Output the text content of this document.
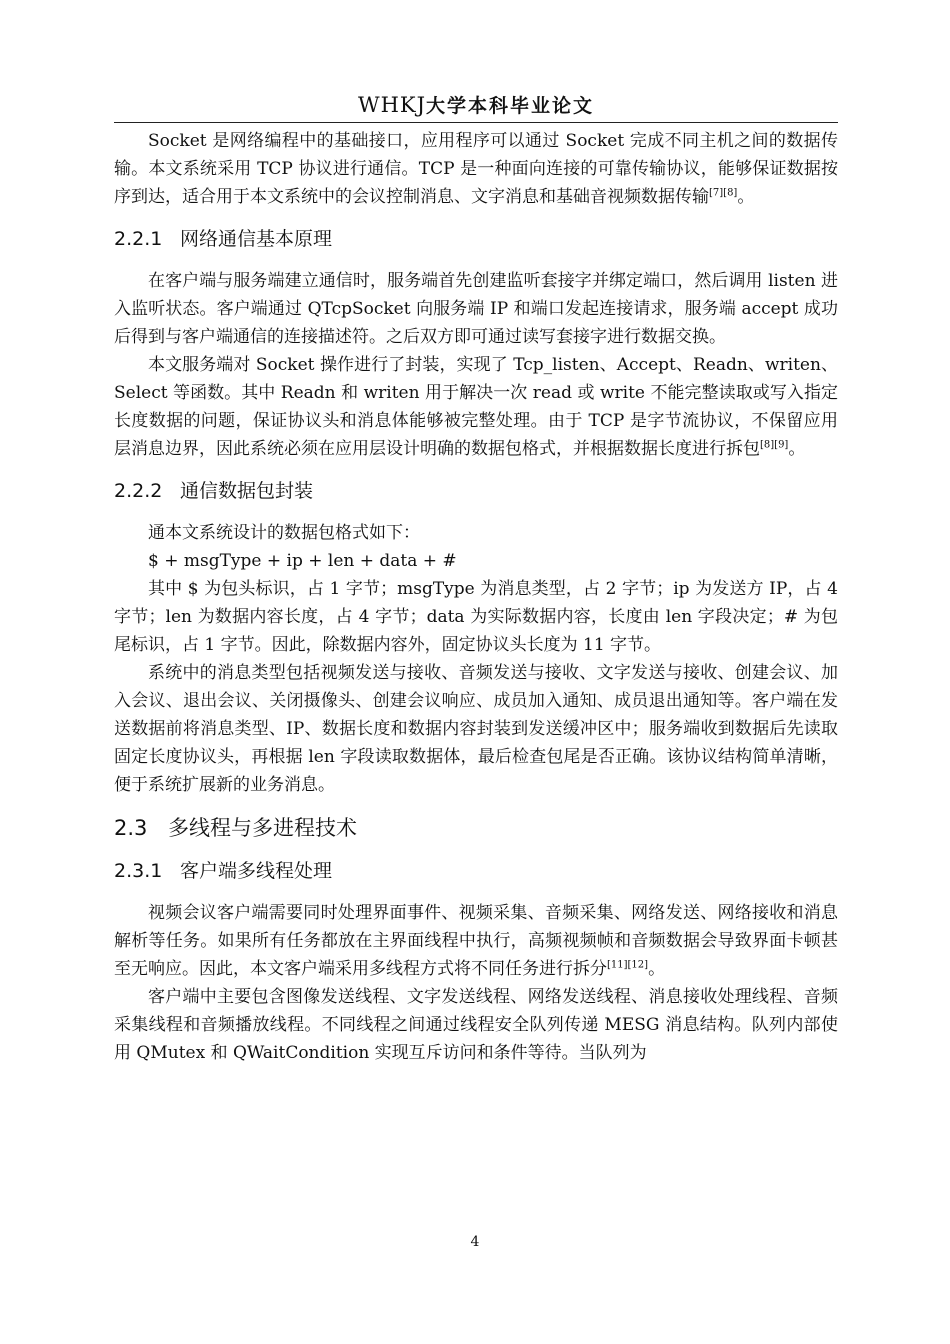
WHKJ大学本科毕业论文

Socket 是网络编程中的基础接口，应用程序可以通过 Socket 完成不同主机之间的数据传输。本文系统采用 TCP 协议进行通信。TCP 是一种面向连接的可靠传输协议，能够保证数据按序到达，适合用于本文系统中的会议控制消息、文字消息和基础音视频数据传输[7][8]。

2.2.1 网络通信基本原理

在客户端与服务端建立通信时，服务端首先创建监听套接字并绑定端口，然后调用 listen 进入监听状态。客户端通过 QTcpSocket 向服务端 IP 和端口发起连接请求，服务端 accept 成功后得到与客户端通信的连接描述符。之后双方即可通过读写套接字进行数据交换。

本文服务端对 Socket 操作进行了封装，实现了 Tcp_listen、Accept、Readn、writen、Select 等函数。其中 Readn 和 writen 用于解决一次 read 或 write 不能完整读取或写入指定长度数据的问题，保证协议头和消息体能够被完整处理。由于 TCP 是字节流协议，不保留应用层消息边界，因此系统必须在应用层设计明确的数据包格式，并根据数据长度进行拆包[8][9]。

2.2.2 通信数据包封装

通本文系统设计的数据包格式如下：

$ + msgType + ip + len + data + #

其中 $ 为包头标识，占 1 字节；msgType 为消息类型，占 2 字节；ip 为发送方 IP，占 4 字节；len 为数据内容长度，占 4 字节；data 为实际数据内容，长度由 len 字段决定；# 为包尾标识，占 1 字节。因此，除数据内容外，固定协议头长度为 11 字节。

系统中的消息类型包括视频发送与接收、音频发送与接收、文字发送与接收、创建会议、加入会议、退出会议、关闭摄像头、创建会议响应、成员加入通知、成员退出通知等。客户端在发送数据前将消息类型、IP、数据长度和数据内容封装到发送缓冲区中；服务端收到数据后先读取固定长度协议头，再根据 len 字段读取数据体，最后检查包尾是否正确。该协议结构简单清晰，便于系统扩展新的业务消息。

2.3 多线程与多进程技术
2.3.1 客户端多线程处理

视频会议客户端需要同时处理界面事件、视频采集、音频采集、网络发送、网络接收和消息解析等任务。如果所有任务都放在主界面线程中执行，高频视频帧和音频数据会导致界面卡顿甚至无响应。因此，本文客户端采用多线程方式将不同任务进行拆分[11][12]。

客户端中主要包含图像发送线程、文字发送线程、网络发送线程、消息接收处理线程、音频采集线程和音频播放线程。不同线程之间通过线程安全队列传递 MESG 消息结构。队列内部使用 QMutex 和 QWaitCondition 实现互斥访问和条件等待。当队列为

4
